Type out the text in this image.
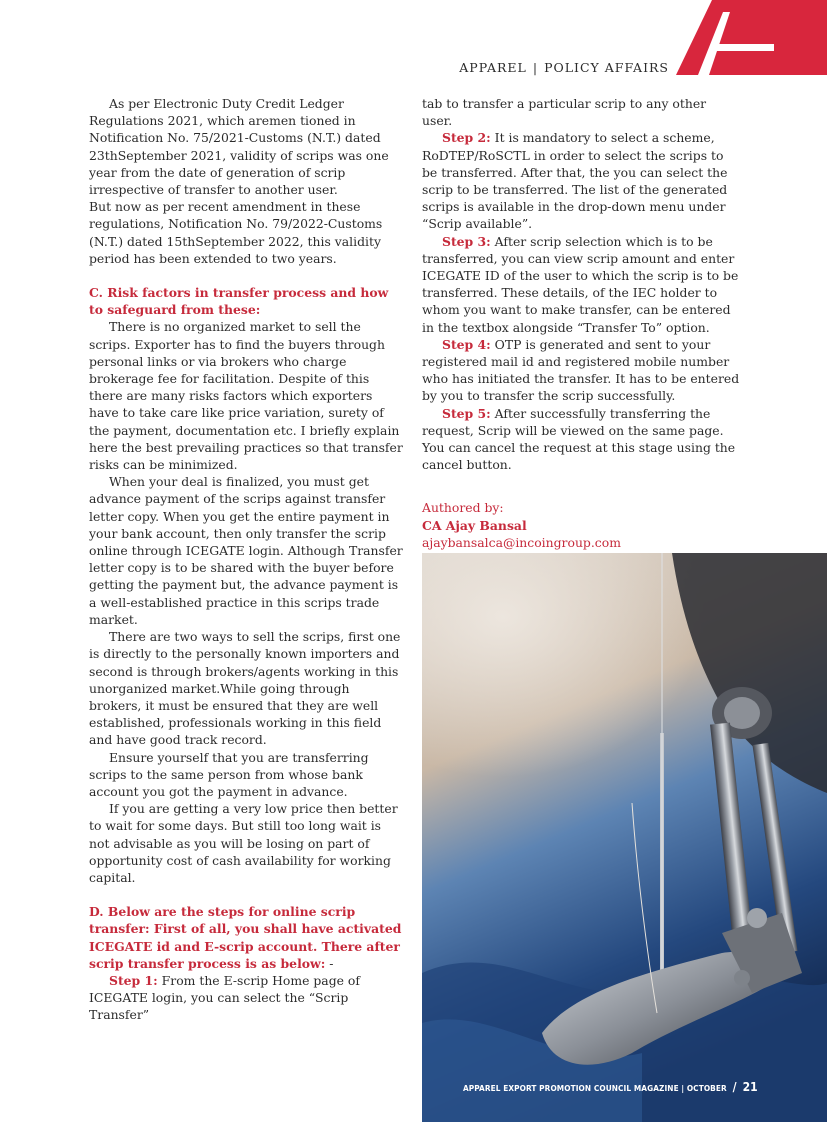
APPAREL | POLICY AFFAIRS

As per Electronic Duty Credit Ledger Regulations 2021, which aremen tioned in Notification No. 75/2021-Customs (N.T.) dated 23thSeptember 2021, validity of scrips was one year from the date of generation of scrip irrespective of transfer to another user.

But now as per recent amendment in these regulations, Notification No. 79/2022-Customs (N.T.) dated 15thSeptember 2022, this validity period has been extended to two years.

C. Risk factors in transfer process and how to safeguard from these:

There is no organized market to sell the scrips. Exporter has to find the buyers through personal links or via brokers who charge brokerage fee for facilitation. Despite of this there are many risks factors which exporters have to take care like price variation, surety of the payment, documentation etc. I briefly explain here the best prevailing practices so that transfer risks can be minimized.

When your deal is finalized, you must get advance payment of the scrips against transfer letter copy. When you get the entire payment in your bank account, then only transfer the scrip online through ICEGATE login. Although Transfer letter copy is to be shared with the buyer before getting the payment but, the advance payment is a well-established practice in this scrips trade market.

There are two ways to sell the scrips, first one is directly to the personally known importers and second is through brokers/agents working in this unorganized market.While going through brokers, it must be ensured that they are well established, professionals working in this field and have good track record.

Ensure yourself that you are transferring scrips to the same person from whose bank account you got the payment in advance.

If you are getting a very low price then better to wait for some days. But still too long wait is not advisable as you will be losing on part of opportunity cost of cash availability for working capital.

D. Below are the steps for online scrip transfer: First of all, you shall have activated ICEGATE id and E-scrip account. There after scrip transfer process is as below: -

Step 1: From the E-scrip Home page of ICEGATE login, you can select the “Scrip Transfer”

tab to transfer a particular scrip to any other user.

Step 2: It is mandatory to select a scheme, RoDTEP/RoSCTL in order to select the scrips to be transferred. After that, the you can select the scrip to be transferred. The list of the generated scrips is available in the drop-down menu under “Scrip available”.

Step 3: After scrip selection which is to be transferred, you can view scrip amount and enter ICEGATE ID of the user to which the scrip is to be transferred. These details, of the IEC holder to whom you want to make transfer, can be entered in the textbox alongside “Transfer To” option.

Step 4: OTP is generated and sent to your registered mail id and registered mobile number who has initiated the transfer. It has to be entered by you to transfer the scrip successfully.

Step 5: After successfully transferring the request, Scrip will be viewed on the same page. You can cancel the request at this stage using the cancel button.

Authored by:
CA Ajay Bansal
ajaybansalca@incoingroup.com
APPAREL EXPORT PROMOTION COUNCIL MAGAZINE | OCTOBER / 21
